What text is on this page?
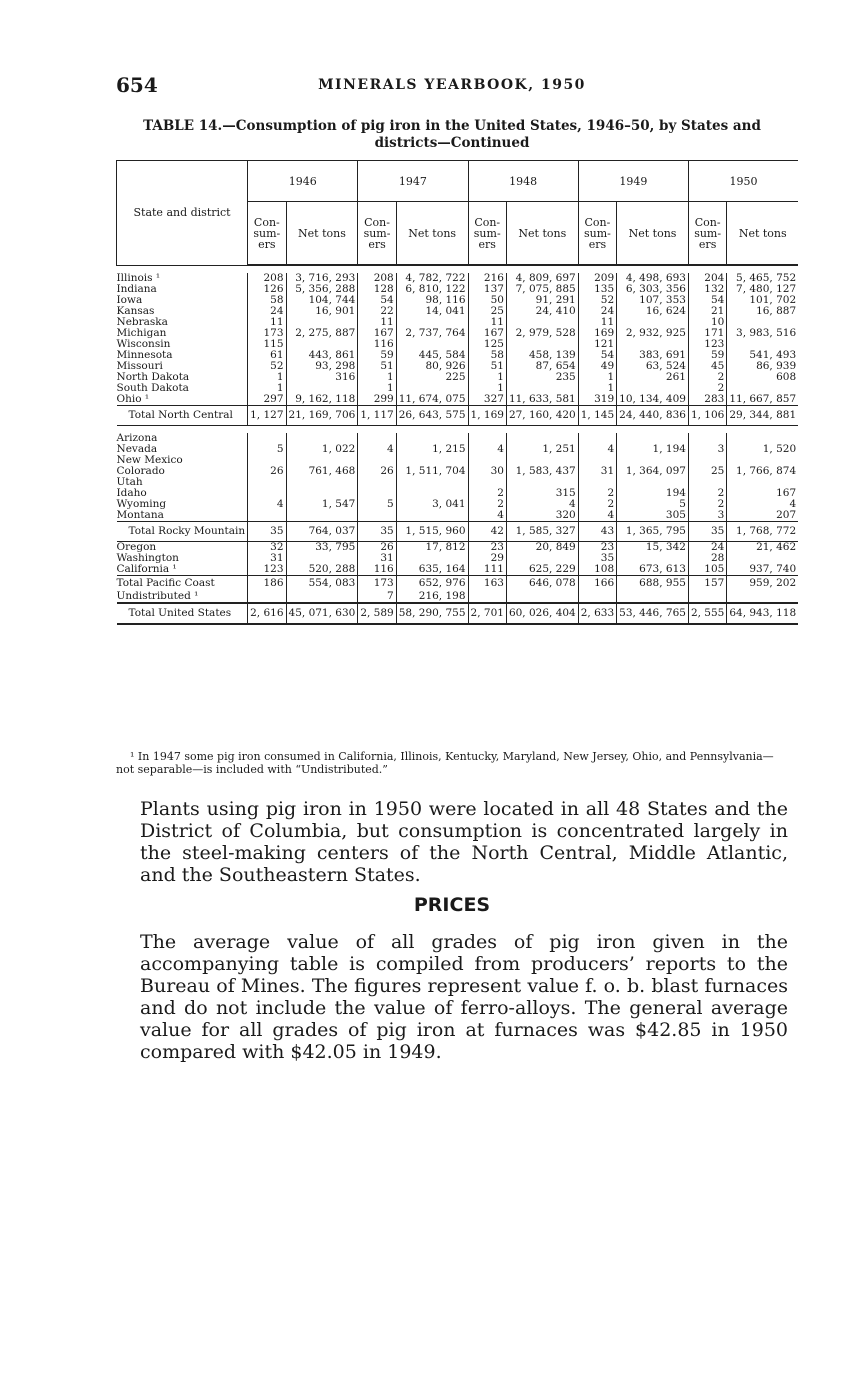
654	MINERALS YEARBOOK, 1950
TABLE 14.—Consumption of pig iron in the United States, 1946–50, by States and districts—Continued
State and district	1946		1947		1948		1949		1950	
	Con-sum-ers	Net tons	Con-sum-ers	Net tons	Con-sum-ers	Net tons	Con-sum-ers	Net tons	Con-sum-ers	Net tons

Illinois ¹	208	3, 716, 293	208	4, 782, 722	216	4, 809, 697	209	4, 498, 693	204	5, 465, 752
Indiana	126	5, 356, 288	128	6, 810, 122	137	7, 075, 885	135	6, 303, 356	132	7, 480, 127
Iowa	58	104, 744	54	98, 116	50	91, 291	52	107, 353	54	101, 702
Kansas	24	16, 901	22	14, 041	25	24, 410	24	16, 624	21	16, 887
Nebraska	11		11		11		11		10	
Michigan	173	2, 275, 887	167	2, 737, 764	167	2, 979, 528	169	2, 932, 925	171	3, 983, 516
Wisconsin	115		116		125		121		123	
Minnesota	61	443, 861	59	445, 584	58	458, 139	54	383, 691	59	541, 493
Missouri	52	93, 298	51	80, 926	51	87, 654	49	63, 524	45	86, 939
North Dakota	1	316	1	225	1	235	1	261	2	608
South Dakota	1		1		1		1		2	
Ohio ¹	297	9, 162, 118	299	11, 674, 075	327	11, 633, 581	319	10, 134, 409	283	11, 667, 857
Total North Central	1, 127	21, 169, 706	1, 117	26, 643, 575	1, 169	27, 160, 420	1, 145	24, 440, 836	1, 106	29, 344, 881

Arizona										
Nevada	5	1, 022	4	1, 215	4	1, 251	4	1, 194	3	1, 520
New Mexico										
Colorado	26	761, 468	26	1, 511, 704	30	1, 583, 437	31	1, 364, 097	25	1, 766, 874
Utah										
Idaho					2	315	2	194	2	167
Wyoming	4	1, 547	5	3, 041	2	4	2	5	2	4
Montana					4	320	4	305	3	207
Total Rocky Mountain	35	764, 037	35	1, 515, 960	42	1, 585, 327	43	1, 365, 795	35	1, 768, 772
Oregon	32	33, 795	26	17, 812	23	20, 849	23	15, 342	24	21, 462
Washington	31		31		29		35		28	
California ¹	123	520, 288	116	635, 164	111	625, 229	108	673, 613	105	937, 740
Total Pacific Coast	186	554, 083	173	652, 976	163	646, 078	166	688, 955	157	959, 202
Undistributed ¹			7	216, 198						
Total United States	2, 616	45, 071, 630	2, 589	58, 290, 755	2, 701	60, 026, 404	2, 633	53, 446, 765	2, 555	64, 943, 118
¹ In 1947 some pig iron consumed in California, Illinois, Kentucky, Maryland, New Jersey, Ohio, and Pennsylvania—not separable—is included with “Undistributed.”
Plants using pig iron in 1950 were located in all 48 States and the District of Columbia, but consumption is concentrated largely in the steel-making centers of the North Central, Middle Atlantic, and the Southeastern States.
PRICES
The average value of all grades of pig iron given in the accompanying table is compiled from producers’ reports to the Bureau of Mines. The figures represent value f. o. b. blast furnaces and do not include the value of ferro-alloys. The general average value for all grades of pig iron at furnaces was $42.85 in 1950 compared with $42.05 in 1949.
